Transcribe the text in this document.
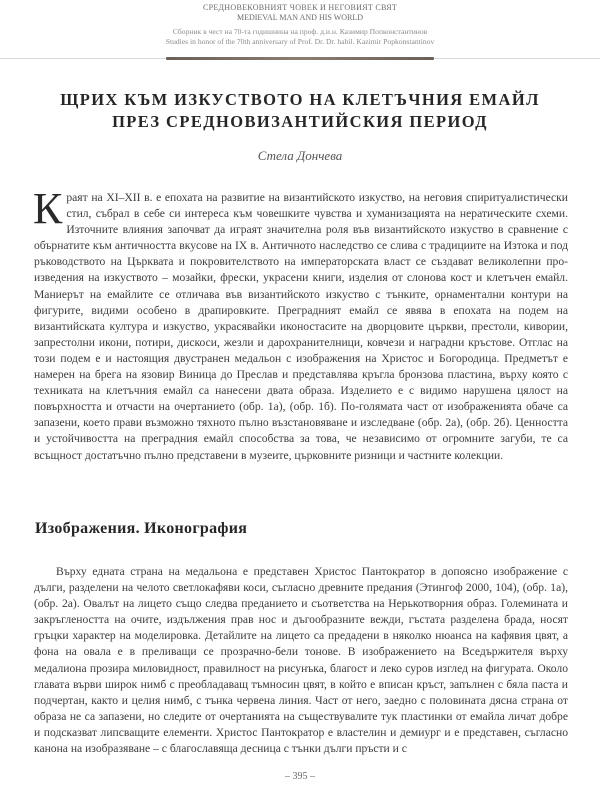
СРЕДНОВЕКОВНИЯТ ЧОВЕК И НЕГОВИЯТ СВЯТ
MEDIEVAL MAN AND HIS WORLD
Сборник в чест на 70-та годишнина на проф. д.и.н. Казимир Попконстантинов
Studies in honor of the 70th anniversary of Prof. Dr. Dr. habil. Kazimir Popkonstantinov
ЩРИХ КЪМ ИЗКУСТВОТО НА КЛЕТЪЧНИЯ ЕМАЙЛ
ПРЕЗ СРЕДНОВИЗАНТИЙСКИЯ ПЕРИОД
Стела Дончева
Краят на XI–XII в. е епохата на развитие на византийското изкуство, на неговия спиритуалистически стил, събрал в себе си интереса към човешките чувства и хуманизацията на нератическите схеми. Източните влияния започват да играят значителна роля във византийското изкуство в сравнение с обърнатите към античността вкусове на IX в. Античното наследство се слива с традициите на Изтока и под ръководството на Църквата и покровителството на императорската власт се създават великолепни произведения на изкуството – мозайки, фрески, украсени книги, изделия от слонова кост и клетъчен емайл. Маниерът на емайлите се отличава във византийското изкуство с тънките, орнаментални контури на фигурите, видими особено в драпировките. Преградният емайл се явява в епохата на подем на византийската култура и изкуство, украсявайки иконостасите на дворцовите църкви, престоли, кивории, запрестолни икони, потири, дискоси, жезли и дарохранителници, ковчези и наградни кръстове. Отглас на този подем е и настоящия двустранен медальон с изображения на Христос и Богородица. Предметът е намерен на брега на язовир Виница до Преслав и представлява кръгла бронзова пластина, върху която с техниката на клетъчния емайл са нанесени двата образа. Изделието е с видимо нарушена цялост на повърхността и отчасти на очертанието (обр. 1а), (обр. 1б). По-голямата част от изображенията обаче са запазени, което прави възможно тяхното пълно възстановяване и изследване (обр. 2а), (обр. 2б). Ценността и устойчивостта на преградния емайл способства за това, че независимо от огромните загуби, те са всъщност достатъчно пълно представени в музеите, църковните ризници и частните колекции.
Изображения. Иконография
Върху едната страна на медальона е представен Христос Пантократор в допоясно изображение с дълги, разделени на челото светлокафяви коси, съгласно древните предания (Этингоф 2000, 104), (обр. 1а), (обр. 2а). Овалът на лицето също следва преданието и съответства на Нерькотворния образ. Големината и закръглеността на очите, издължения прав нос и дъгообразните вежди, гъстата разделена брада, носят гръцки характер на моделировка. Детайлите на лицето са предадени в няколко нюанса на кафявия цвят, а фона на овала е в преливащи се прозрачно-бели тонове. В изображението на Вседържителя върху медалиона прозира миловидност, правилност на рисунъка, благост и леко суров изглед на фигурата. Около главата върви широк нимб с преобладаващ тъмносин цвят, в който е вписан кръст, запълнен с бяла паста и подчертан, както и целия нимб, с тънка червена линия. Част от него, заедно с половината дясна страна от образа не са запазени, но следите от очертанията на съществувалите тук пластинки от емайла личат добре и подсказват липсващите елементи. Христос Пантократор е властелин и демиург и е представен, съгласно канона на изобразяване – с благославяща десница с тънки дълги пръсти и с
– 395 –
